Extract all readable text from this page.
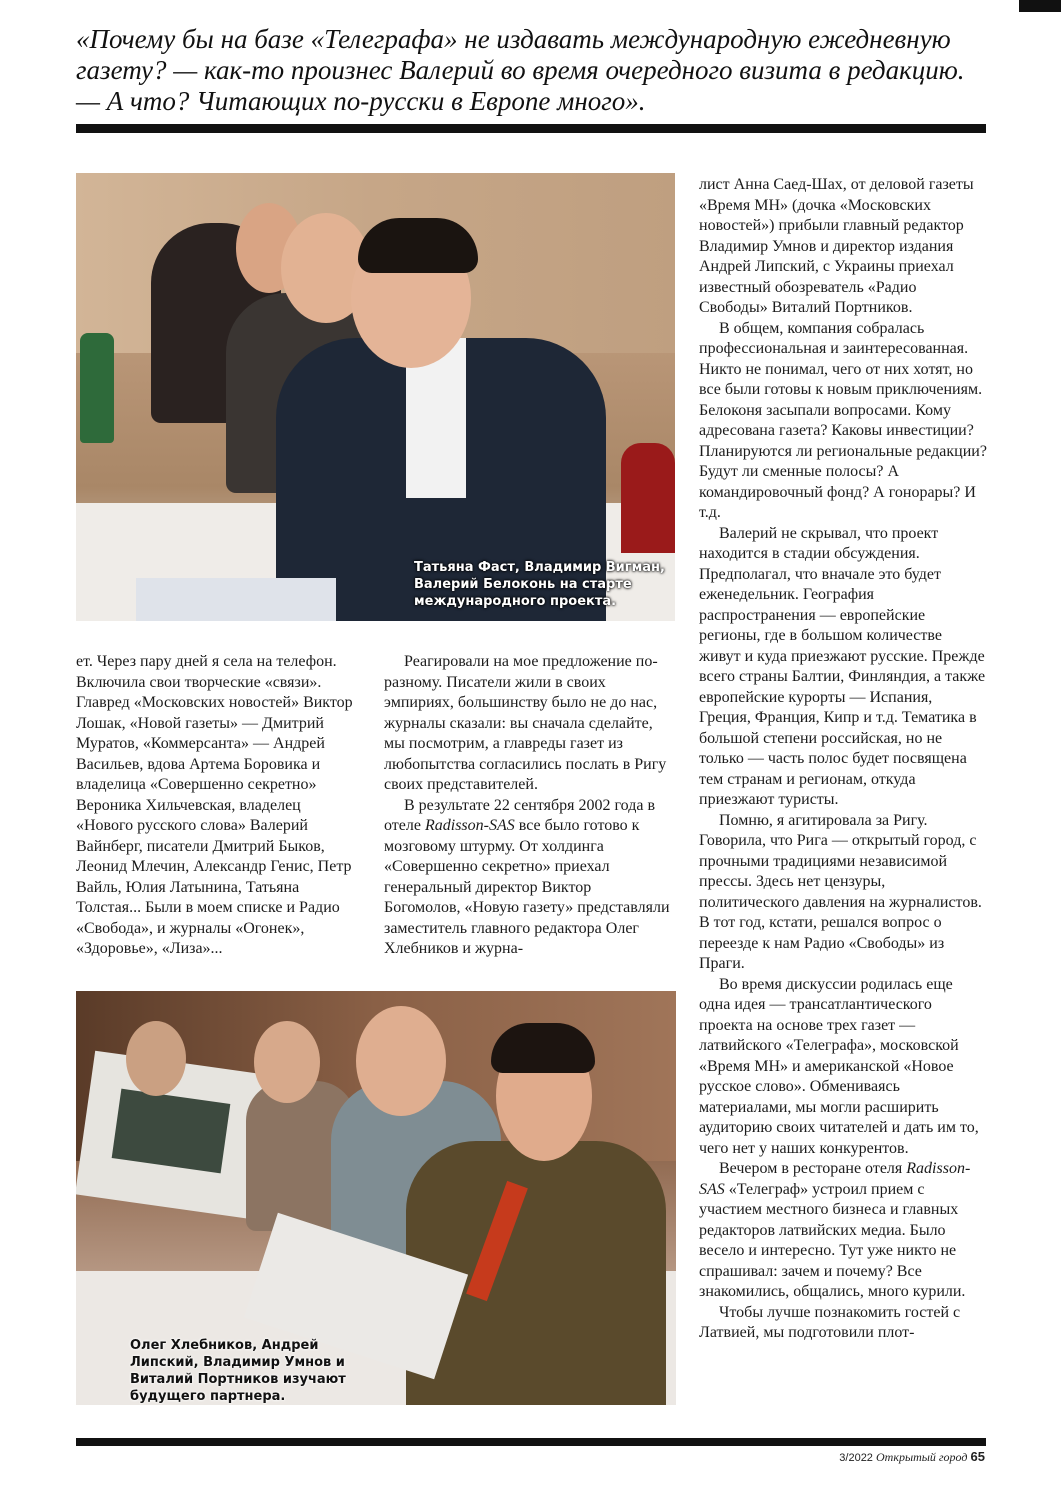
«Почему бы на базе «Телеграфа» не издавать международную ежедневную газету? — как-то произнес Валерий во время очередного визита в редакцию. — А что? Читающих по-русски в Европе много».
Татьяна Фаст, Владимир Вигман,
Валерий Белоконь на старте
международного проекта.

ет. Через пару дней я села на телефон. Включила свои творческие «связи». Главред «Московских новостей» Виктор Лошак, «Новой газеты» — Дмитрий Муратов, «Коммерсанта» — Андрей Васильев, вдова Артема Боровика и владелица «Совершенно секретно» Вероника Хильчевская, владелец «Нового русского слова» Валерий Вайнберг, писатели Дмитрий Быков, Леонид Млечин, Александр Генис, Петр Вайль, Юлия Латынина, Татьяна Толстая... Были в моем списке и Радио «Свобода», и журналы «Огонек», «Здоровье», «Лиза»...

Реагировали на мое предложение по-разному. Писатели жили в своих эмпириях, большинству было не до нас, журналы сказали: вы сначала сделайте, мы посмотрим, а главреды газет из любопытства согласились послать в Ригу своих представителей.

В результате 22 сентября 2002 года в отеле Radisson-SAS все было готово к мозговому штурму. От холдинга «Совершенно секретно» приехал генеральный директор Виктор Богомолов, «Новую газету» представляли заместитель главного редактора Олег Хлебников и журна-

лист Анна Саед-Шах, от деловой газеты «Время МН» (дочка «Московских новостей») прибыли главный редактор Владимир Умнов и директор издания Андрей Липский, с Украины приехал известный обозреватель «Радио Свободы» Виталий Портников.

В общем, компания собралась профессиональная и заинтересованная. Никто не понимал, чего от них хотят, но все были готовы к новым приключениям. Белоконя засыпали вопросами. Кому адресована газета? Каковы инвестиции? Планируются ли региональные редакции? Будут ли сменные полосы? А командировочный фонд? А гонорары? И т.д.

Валерий не скрывал, что проект находится в стадии обсуждения. Предполагал, что вначале это будет еженедельник. География распространения — европейские регионы, где в большом количестве живут и куда приезжают русские. Прежде всего страны Балтии, Финляндия, а также европейские курорты — Испания, Греция, Франция, Кипр и т.д. Тематика в большой степени российская, но не только — часть полос будет посвящена тем странам и регионам, откуда приезжают туристы.

Помню, я агитировала за Ригу. Говорила, что Рига — открытый город, с прочными традициями независимой прессы. Здесь нет цензуры, политического давления на журналистов. В тот год, кстати, решался вопрос о переезде к нам Радио «Свободы» из Праги.

Во время дискуссии родилась еще одна идея — трансатлантического проекта на основе трех газет — латвийского «Телеграфа», московской «Время МН» и американской «Новое русское слово». Обмениваясь материалами, мы могли расширить аудиторию своих читателей и дать им то, чего нет у наших конкурентов.

Вечером в ресторане отеля Radisson-SAS «Телеграф» устроил прием с участием местного бизнеса и главных редакторов латвийских медиа. Было весело и интересно. Тут уже никто не спрашивал: зачем и почему? Все знакомились, общались, много курили.

Чтобы лучше познакомить гостей с Латвией, мы подготовили плот-

Олег Хлебников, Андрей
Липский, Владимир Умнов и
Виталий Портников изучают
будущего партнера.
3/2022 Открытый город 65
